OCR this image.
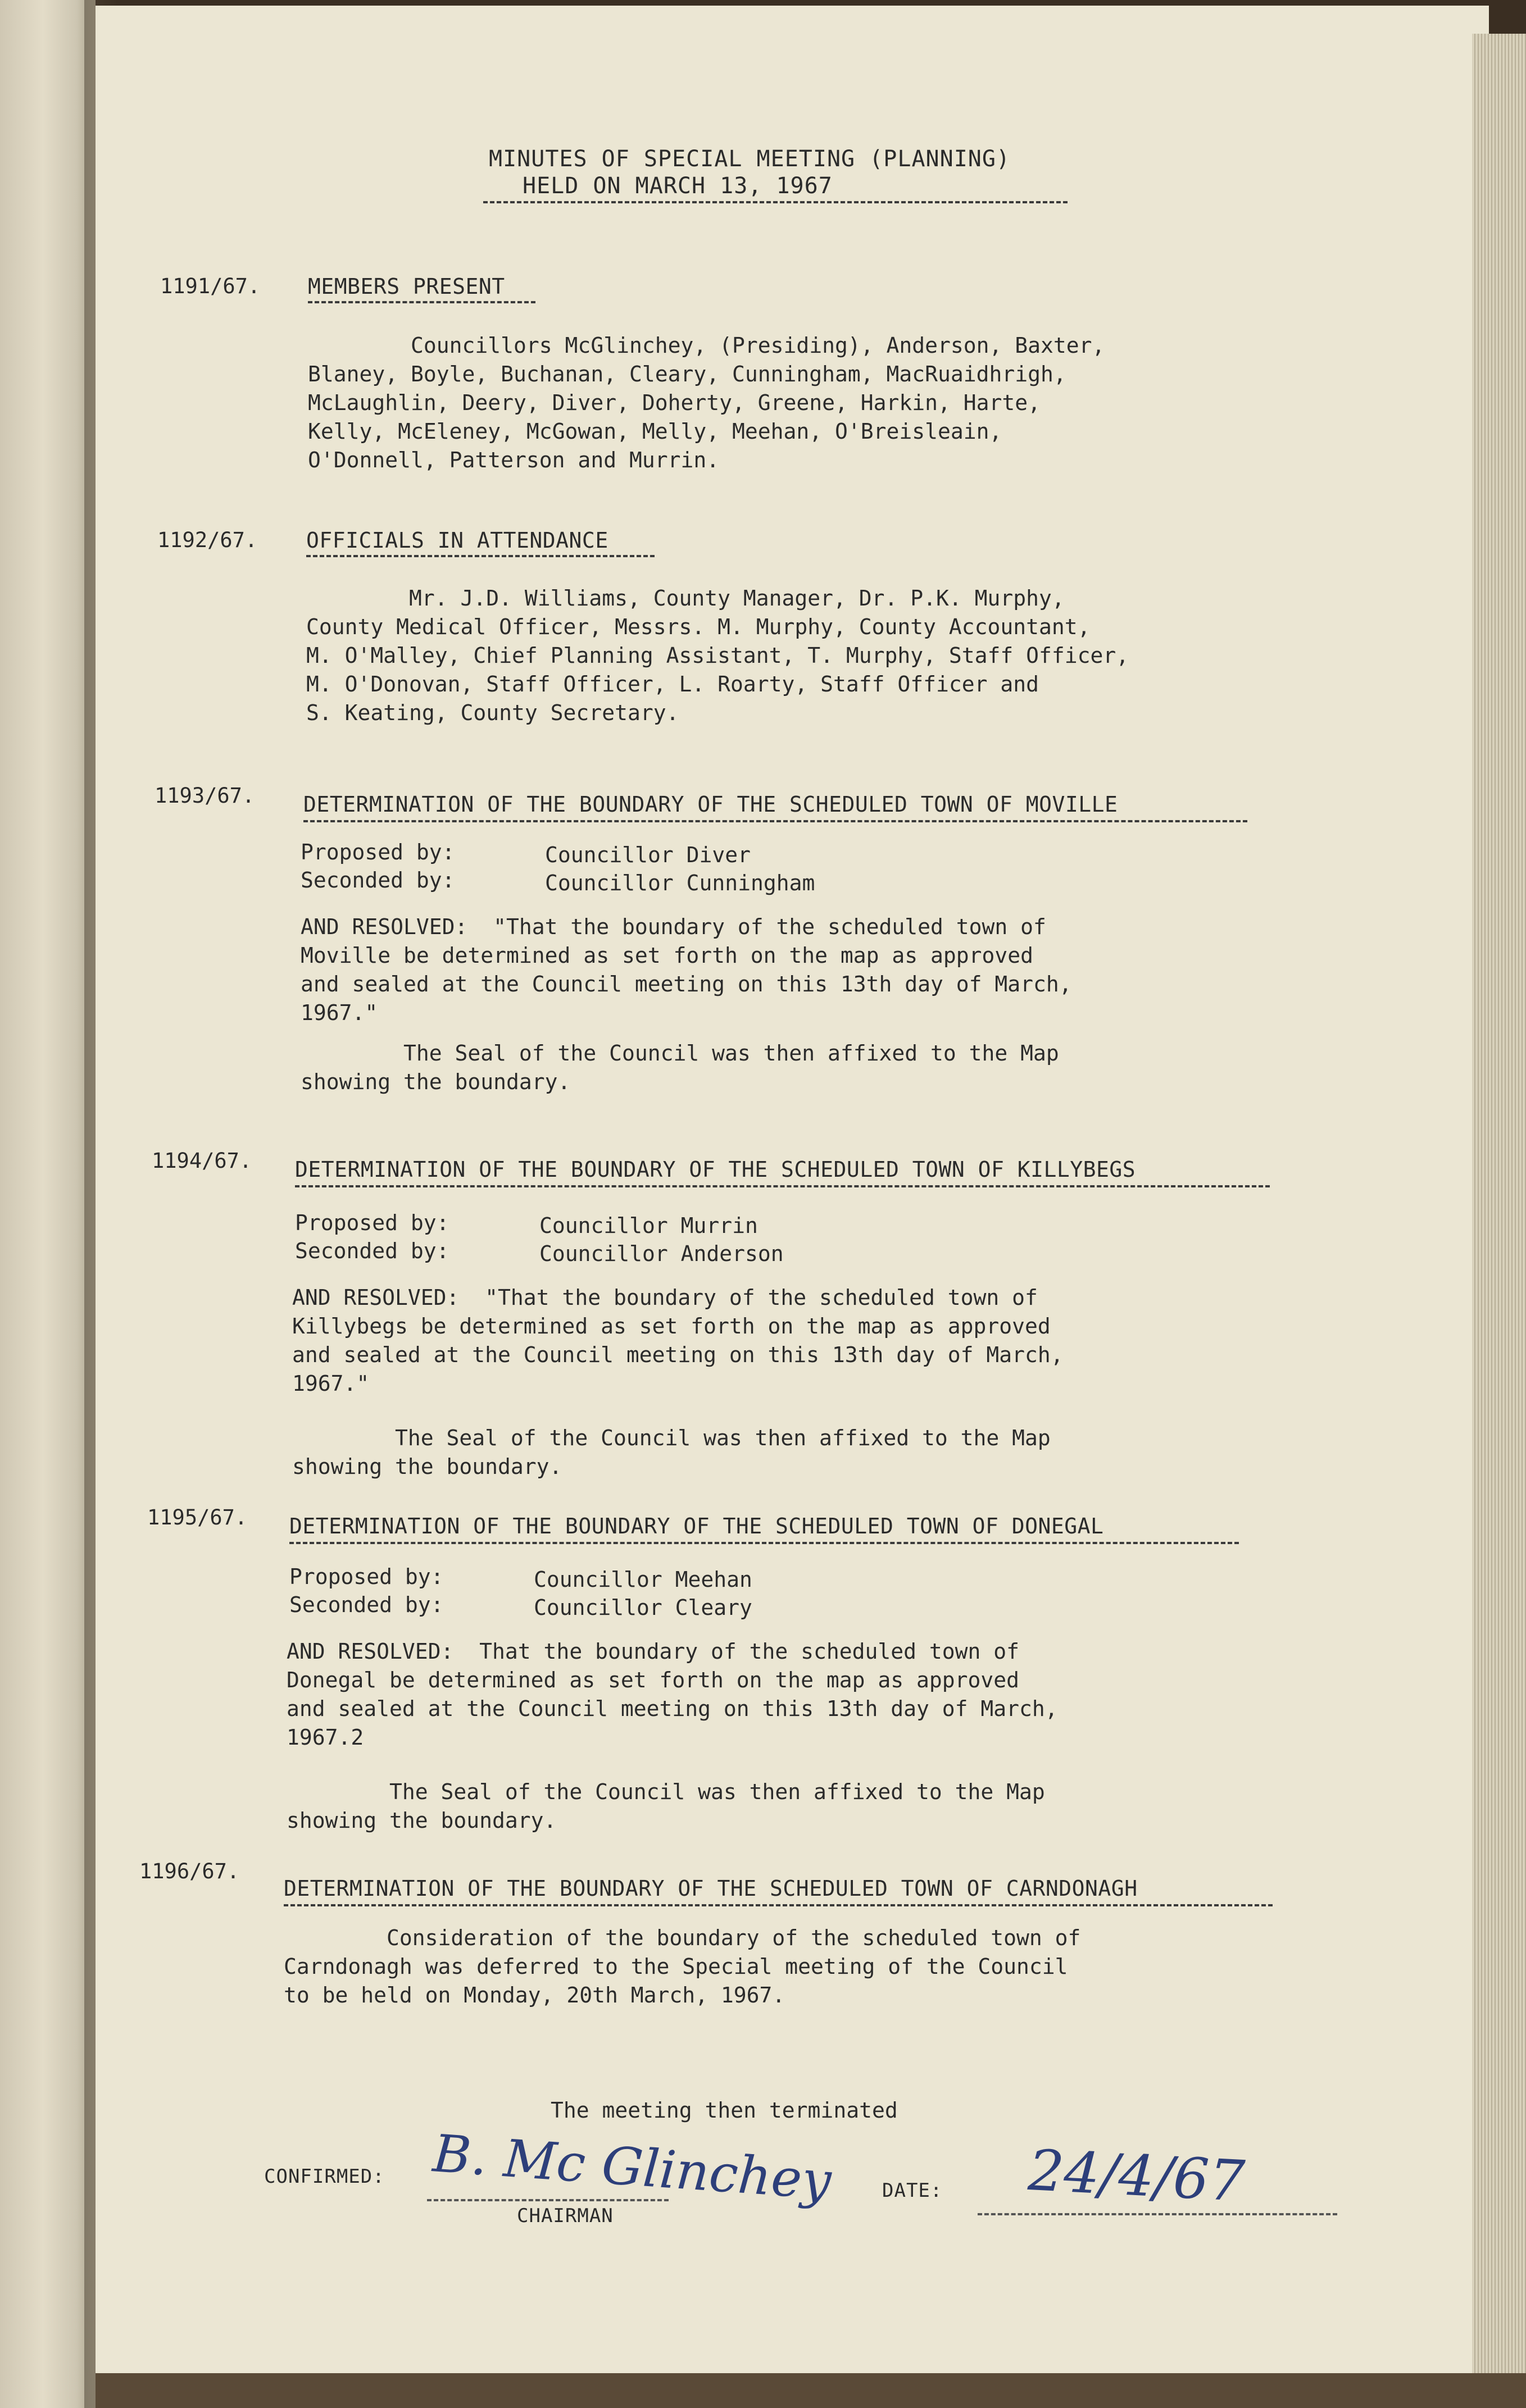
MINUTES OF SPECIAL MEETING (PLANNING)
HELD ON MARCH 13, 1967
1191/67. MEMBERS PRESENT
Councillors McGlinchey, (Presiding), Anderson, Baxter,
Blaney, Boyle, Buchanan, Cleary, Cunningham, MacRuaidhrigh,
McLaughlin, Deery, Diver, Doherty, Greene, Harkin, Harte,
Kelly, McEleney, McGowan, Melly, Meehan, O'Breisleain,
O'Donnell, Patterson and Murrin.
1192/67. OFFICIALS IN ATTENDANCE
Mr. J.D. Williams, County Manager, Dr. P.K. Murphy,
County Medical Officer, Messrs. M. Murphy, County Accountant,
M. O'Malley, Chief Planning Assistant, T. Murphy, Staff Officer,
M. O'Donovan, Staff Officer, L. Roarty, Staff Officer and
S. Keating, County Secretary.
1193/67. DETERMINATION OF THE BOUNDARY OF THE SCHEDULED TOWN OF MOVILLE
Proposed by:	Councillor Diver
Seconded by:	Councillor Cunningham
AND RESOLVED:  "That the boundary of the scheduled town of
Moville be determined as set forth on the map as approved
and sealed at the Council meeting on this 13th day of March,
1967."
The Seal of the Council was then affixed to the Map
showing the boundary.
1194/67. DETERMINATION OF THE BOUNDARY OF THE SCHEDULED TOWN OF KILLYBEGS
Proposed by:	Councillor Murrin
Seconded by:	Councillor Anderson
AND RESOLVED:  "That the boundary of the scheduled town of
Killybegs be determined as set forth on the map as approved
and sealed at the Council meeting on this 13th day of March,
1967."
The Seal of the Council was then affixed to the Map
showing the boundary.
1195/67. DETERMINATION OF THE BOUNDARY OF THE SCHEDULED TOWN OF DONEGAL
Proposed by:	Councillor Meehan
Seconded by:	Councillor Cleary
AND RESOLVED:  That the boundary of the scheduled town of
Donegal be determined as set forth on the map as approved
and sealed at the Council meeting on this 13th day of March,
1967.2
The Seal of the Council was then affixed to the Map
showing the boundary.
1196/67.
DETERMINATION OF THE BOUNDARY OF THE SCHEDULED TOWN OF CARNDONAGH
Consideration of the boundary of the scheduled town of
Carndonagh was deferred to the Special meeting of the Council
to be held on Monday, 20th March, 1967.
The meeting then terminated
CONFIRMED: B. Mc Glinchey
CHAIRMAN
DATE: 24/4/67
